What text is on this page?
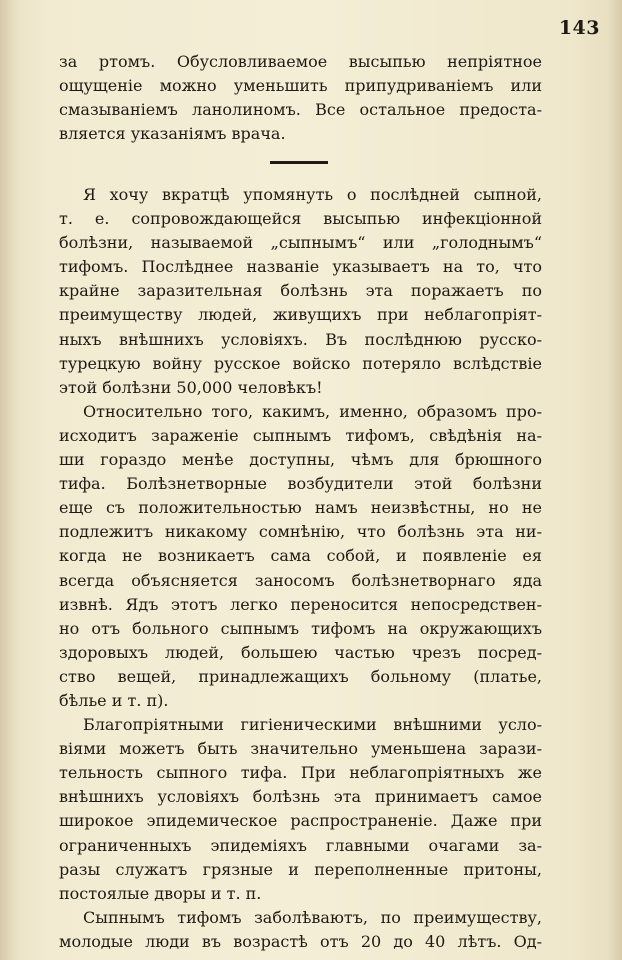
143
за ртомъ. Обусловливаемое высыпью непріятное
ощущеніе можно уменьшить припудриваніемъ или
смазываніемъ ланолиномъ. Все остальное предоста-
вляется указаніямъ врача.
Я хочу вкратцѣ упомянуть о послѣдней сыпной,
т. е. сопровождающейся высыпью инфекціонной
болѣзни, называемой „сыпнымъ“ или „голоднымъ“
тифомъ. Послѣднее названіе указываетъ на то, что
крайне заразительная болѣзнь эта поражаетъ по
преимуществу людей, живущихъ при неблагопріят-
ныхъ внѣшнихъ условіяхъ. Въ послѣднюю русско-
турецкую войну русское войско потеряло вслѣдствіе
этой болѣзни 50,000 человѣкъ!
Относительно того, какимъ, именно, образомъ про-
исходитъ зараженіе сыпнымъ тифомъ, свѣдѣнія на-
ши гораздо менѣе доступны, чѣмъ для брюшного
тифа. Болѣзнетворные возбудители этой болѣзни
еще съ положительностью намъ неизвѣстны, но не
подлежитъ никакому сомнѣнію, что болѣзнь эта ни-
когда не возникаетъ сама собой, и появленіе ея
всегда объясняется заносомъ болѣзнетворнаго яда
извнѣ. Ядъ этотъ легко переносится непосредствен-
но отъ больного сыпнымъ тифомъ на окружающихъ
здоровыхъ людей, большею частью чрезъ посред-
ство вещей, принадлежащихъ больному (платье,
бѣлье и т. п).
Благопріятными гигіеническими внѣшними усло-
віями можетъ быть значительно уменьшена зарази-
тельность сыпного тифа. При неблагопріятныхъ же
внѣшнихъ условіяхъ болѣзнь эта принимаетъ самое
широкое эпидемическое распространеніе. Даже при
ограниченныхъ эпидеміяхъ главными очагами за-
разы служатъ грязные и переполненные притоны,
постоялые дворы и т. п.
Сыпнымъ тифомъ заболѣваютъ, по преимуществу,
молодые люди въ возрастѣ отъ 20 до 40 лѣтъ. Од-
